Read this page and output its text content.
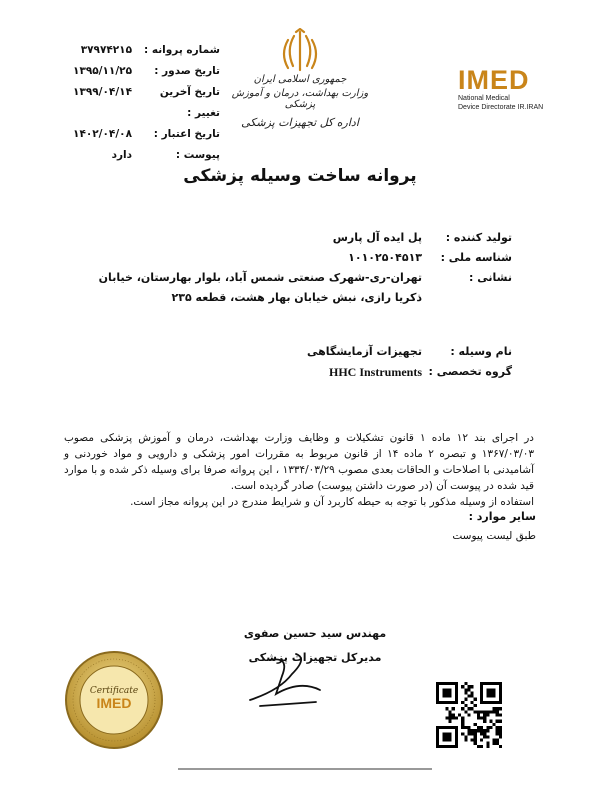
شماره پروانه :
۳۷۹۷۴۲۱۵
تاریخ صدور :
۱۳۹۵/۱۱/۲۵
تاریخ آخرین تغییر :
۱۳۹۹/۰۴/۱۴
تاریخ اعتبار :
۱۴۰۲/۰۴/۰۸
پیوست :
دارد
جمهوری اسلامی ایران
وزارت بهداشت، درمان و آموزش پزشکی
اداره کل تجهیزات پزشکی
IMED
National Medical
Device Directorate IR.IRAN
پروانه ساخت وسیله پزشکی
تولید کننده :
پل ایده آل پارس
شناسه ملی :
۱۰۱۰۲۵۰۴۵۱۳
نشانی :
تهران-ری-شهرک صنعتی شمس آباد، بلوار بهارستان، خیابان ذکریا رازی، نبش خیابان بهار هشت، قطعه ۲۳۵
نام وسیله :
تجهیزات آزمایشگاهی
گروه تخصصی :
HHC Instruments
در اجرای بند ۱۲ ماده ۱ قانون تشکیلات و وظایف وزارت بهداشت، درمان و آموزش پزشکی مصوب ۱۳۶۷/۰۳/۰۳ و تبصره ۲ ماده ۱۴ از قانون مربوط به مقررات امور پزشکی و دارویی و مواد خوردنی و آشامیدنی با اصلاحات و الحاقات بعدی مصوب ۱۳۳۴/۰۳/۲۹ ، این پروانه صرفا برای وسیله ذکر شده و با موارد قید شده در پیوست آن (در صورت داشتن پیوست) صادر گردیده است.
استفاده از وسیله مذکور با توجه به حیطه کاربرد آن و شرایط مندرج در این پروانه مجاز است.
سایر موارد :
طبق لیست پیوست
مهندس سید حسین صفوی
مدیرکل تجهیزات پزشکی
Certificate
IMED
